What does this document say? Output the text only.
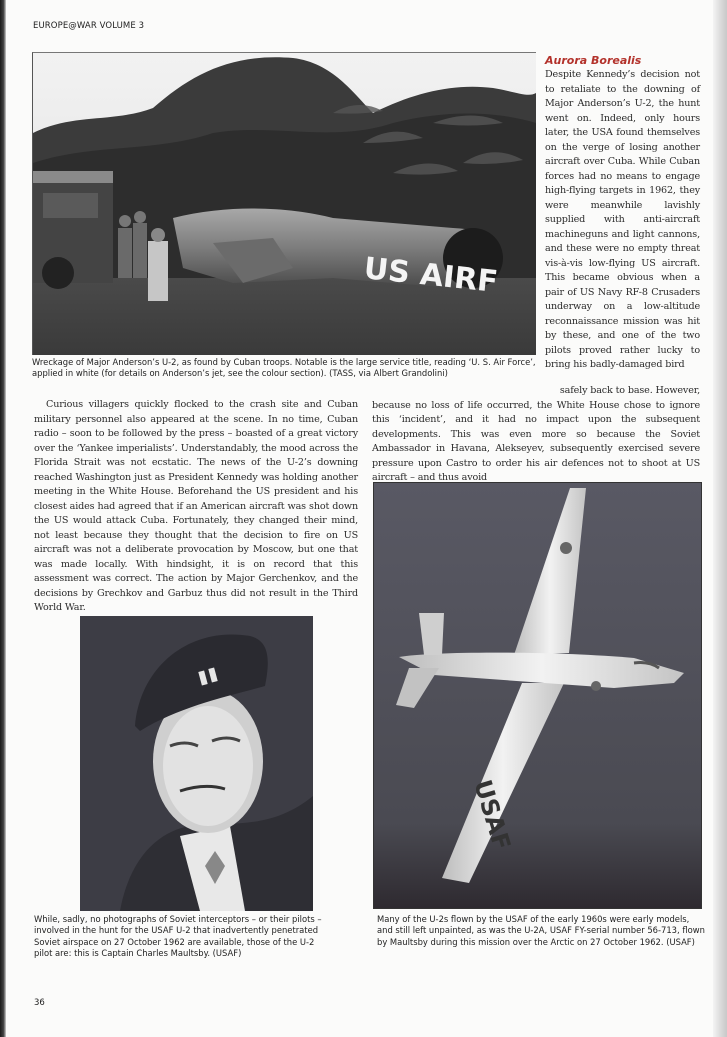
EUROPE@WAR VOLUME 3
US AIRF
Wreckage of Major Anderson’s U-2, as found by Cuban troops. Notable is the large service title, reading ‘U. S. Air Force’, applied in white (for details on Anderson’s jet, see the colour section). (TASS, via Albert Grandolini)
Aurora Borealis

Despite Kennedy’s decision not to retaliate to the downing of Major Anderson’s U-2, the hunt went on. Indeed, only hours later, the USA found themselves on the verge of losing another aircraft over Cuba. While Cuban forces had no means to engage high-flying targets in 1962, they were meanwhile lavishly supplied with anti-aircraft machineguns and light cannons, and these were no empty threat vis-à-vis low-flying US aircraft. This became obvious when a pair of US Navy RF-8 Crusaders underway on a low-altitude reconnaissance mission was hit by these, and one of the two pilots proved rather lucky to bring his badly-damaged bird

Curious villagers quickly flocked to the crash site and Cuban military personnel also appeared at the scene. In no time, Cuban radio – soon to be followed by the press – boasted of a great victory over the ‘Yankee imperialists’. Understandably, the mood across the Florida Strait was not ecstatic. The news of the U-2’s downing reached Washington just as President Kennedy was holding another meeting in the White House. Beforehand the US president and his closest aides had agreed that if an American aircraft was shot down the US would attack Cuba. Fortunately, they changed their mind, not least because they thought that the decision to fire on US aircraft was not a deliberate provocation by Moscow, but one that was made locally. With hindsight, it is on record that this assessment was correct. The action by Major Gerchenkov, and the decisions by Grechkov and Garbuz thus did not result in the Third World War.

safely back to base. However,
because no loss of life occurred, the White House chose to ignore this ‘incident’, and it had no impact upon the subsequent developments. This was even more so because the Soviet Ambassador in Havana, Alekseyev, subsequently exercised severe pressure upon Castro to order his air defences not to shoot at US aircraft – and thus avoid

While, sadly, no photographs of Soviet interceptors – or their pilots – involved in the hunt for the USAF U-2 that inadvertently penetrated Soviet airspace on 27 October 1962 are available, those of the U-2 pilot are: this is Captain Charles Maultsby. (USAF)
USAF
Many of the U-2s flown by the USAF of the early 1960s were early models, and still left unpainted, as was the U-2A, USAF FY-serial number 56-713, flown by Maultsby during this mission over the Arctic on 27 October 1962. (USAF)
36
